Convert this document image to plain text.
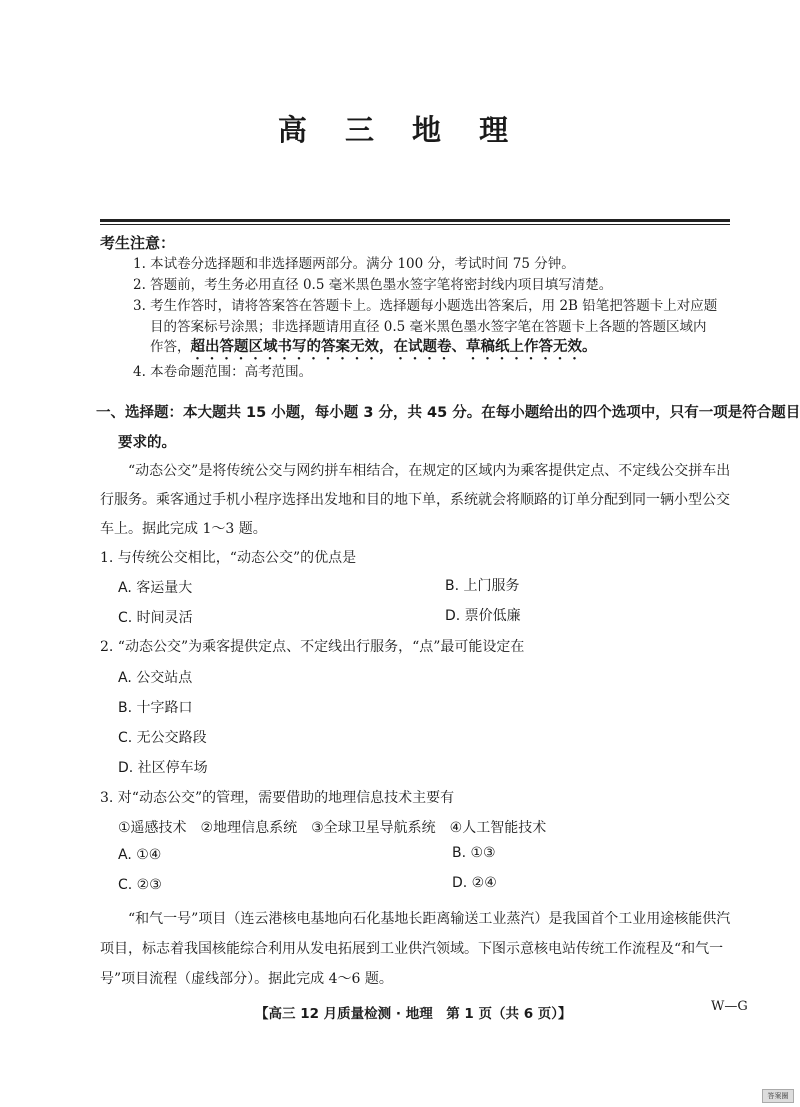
高 三 地 理
考生注意：
1. 本试卷分选择题和非选择题两部分。满分 100 分，考试时间 75 分钟。
2. 答题前，考生务必用直径 0.5 毫米黑色墨水签字笔将密封线内项目填写清楚。
3. 考生作答时，请将答案答在答题卡上。选择题每小题选出答案后，用 2B 铅笔把答题卡上对应题
目的答案标号涂黑；非选择题请用直径 0.5 毫米黑色墨水签字笔在答题卡上各题的答题区域内
作答，超出答题区域书写的答案无效，在试题卷、草稿纸上作答无效。
4. 本卷命题范围：高考范围。
一、选择题：本大题共 15 小题，每小题 3 分，共 45 分。在每小题给出的四个选项中，只有一项是符合题目
要求的。
“动态公交”是将传统公交与网约拼车相结合，在规定的区域内为乘客提供定点、不定线公交拼车出
行服务。乘客通过手机小程序选择出发地和目的地下单，系统就会将顺路的订单分配到同一辆小型公交
车上。据此完成 1～3 题。
1. 与传统公交相比，“动态公交”的优点是
A. 客运量大	B. 上门服务
C. 时间灵活	D. 票价低廉
2. “动态公交”为乘客提供定点、不定线出行服务，“点”最可能设定在
A. 公交站点
B. 十字路口
C. 无公交路段
D. 社区停车场
3. 对“动态公交”的管理，需要借助的地理信息技术主要有
①遥感技术　②地理信息系统　③全球卫星导航系统　④人工智能技术
A. ①④	B. ①③
C. ②③	D. ②④
“和气一号”项目（连云港核电基地向石化基地长距离输送工业蒸汽）是我国首个工业用途核能供汽
项目，标志着我国核能综合利用从发电拓展到工业供汽领域。下图示意核电站传统工作流程及“和气一
号”项目流程（虚线部分）。据此完成 4～6 题。
【高三 12 月质量检测 · 地理　第 1 页（共 6 页）】	W—G
答案圈
